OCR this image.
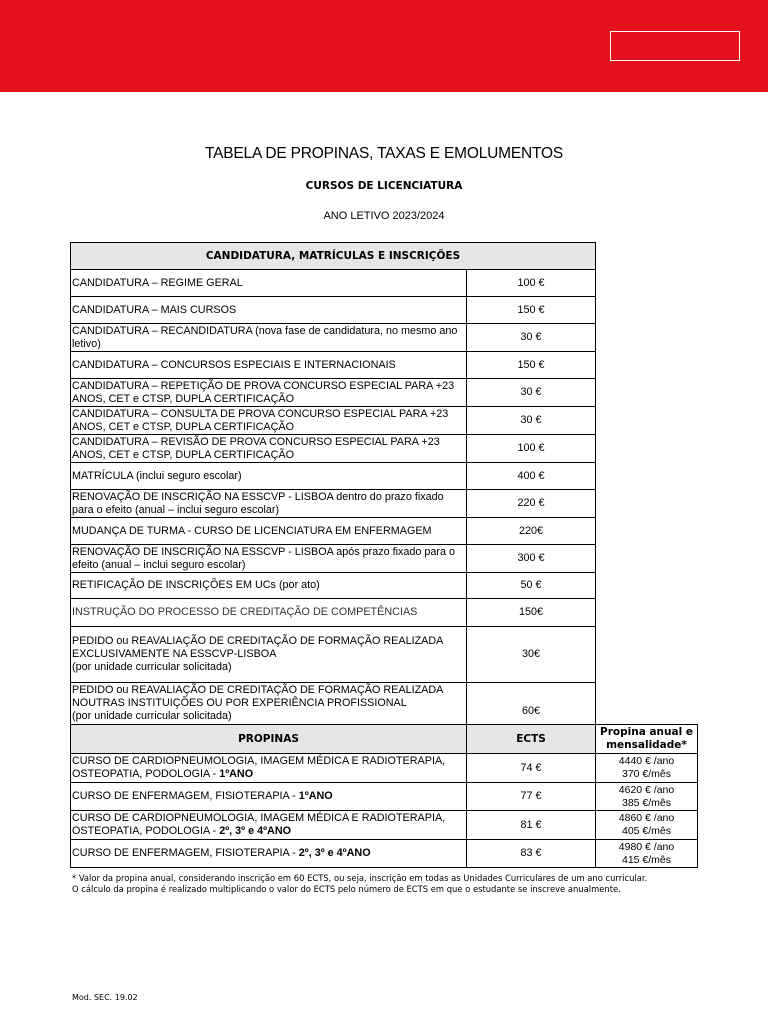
TABELA DE PROPINAS, TAXAS E EMOLUMENTOS
CURSOS DE LICENCIATURA
ANO LETIVO 2023/2024
CANDIDATURA, MATRÍCULAS E INSCRIÇÕES		
CANDIDATURA – REGIME GERAL	100 €	
CANDIDATURA – MAIS CURSOS	150 €	
CANDIDATURA – RECANDIDATURA (nova fase de candidatura, no mesmo ano letivo)	30 €	
CANDIDATURA – CONCURSOS ESPECIAIS E INTERNACIONAIS	150 €	
CANDIDATURA – REPETIÇÃO DE PROVA CONCURSO ESPECIAL PARA +23 ANOS, CET e CTSP, DUPLA CERTIFICAÇÃO	30 €	
CANDIDATURA – CONSULTA DE PROVA CONCURSO ESPECIAL PARA +23 ANOS, CET e CTSP, DUPLA CERTIFICAÇÃO	30 €	
CANDIDATURA – REVISÃO DE PROVA CONCURSO ESPECIAL PARA +23 ANOS, CET e CTSP, DUPLA CERTIFICAÇÃO	100 €	
MATRÍCULA (inclui seguro escolar)	400 €	
RENOVAÇÃO DE INSCRIÇÃO NA ESSCVP - LISBOA dentro do prazo fixado para o efeito (anual – inclui seguro escolar)	220 €	
MUDANÇA DE TURMA - CURSO DE LICENCIATURA EM ENFERMAGEM	220€	
RENOVAÇÃO DE INSCRIÇÃO NA ESSCVP - LISBOA após prazo fixado para o efeito (anual – inclui seguro escolar)	300 €	
RETIFICAÇÃO DE INSCRIÇÕES EM UCs (por ato)	50 €	
INSTRUÇÃO DO PROCESSO DE CREDITAÇÃO DE COMPETÊNCIAS	150€	

PEDIDO ou REAVALIAÇÃO DE CREDITAÇÃO DE FORMAÇÃO REALIZADA
EXCLUSIVAMENTE NA ESSCVP-LISBOA
(por unidade curricular solicitada)	30€	

PEDIDO ou REAVALIAÇÃO DE CREDITAÇÃO DE FORMAÇÃO REALIZADA
NOUTRAS INSTITUIÇÕES OU POR EXPERIÊNCIA PROFISSIONAL
(por unidade curricular solicitada)	60€	
PROPINAS	ECTS	Propina anual e mensalidade*
CURSO DE CARDIOPNEUMOLOGIA, IMAGEM MÉDICA E RADIOTERAPIA, OSTEOPATIA, PODOLOGIA - 1ºANO	74 €	4440 € /ano
370 €/mês

CURSO DE ENFERMAGEM, FISIOTERAPIA - 1ºANO	77 €	4620 € /ano
385 €/mês

CURSO DE CARDIOPNEUMOLOGIA, IMAGEM MÉDICA E RADIOTERAPIA, OSTEOPATIA, PODOLOGIA - 2º, 3º e 4ºANO	81 €	4860 € /ano
405 €/mês

CURSO DE ENFERMAGEM, FISIOTERAPIA - 2º, 3º e 4ºANO	83 €	4980 € /ano
415 €/mês
* Valor da propina anual, considerando inscrição em 60 ECTS, ou seja, inscrição em todas as Unidades Curriculares de um ano curricular.
O cálculo da propina é realizado multiplicando o valor do ECTS pelo número de ECTS em que o estudante se inscreve anualmente.
Mod. SEC. 19.02
